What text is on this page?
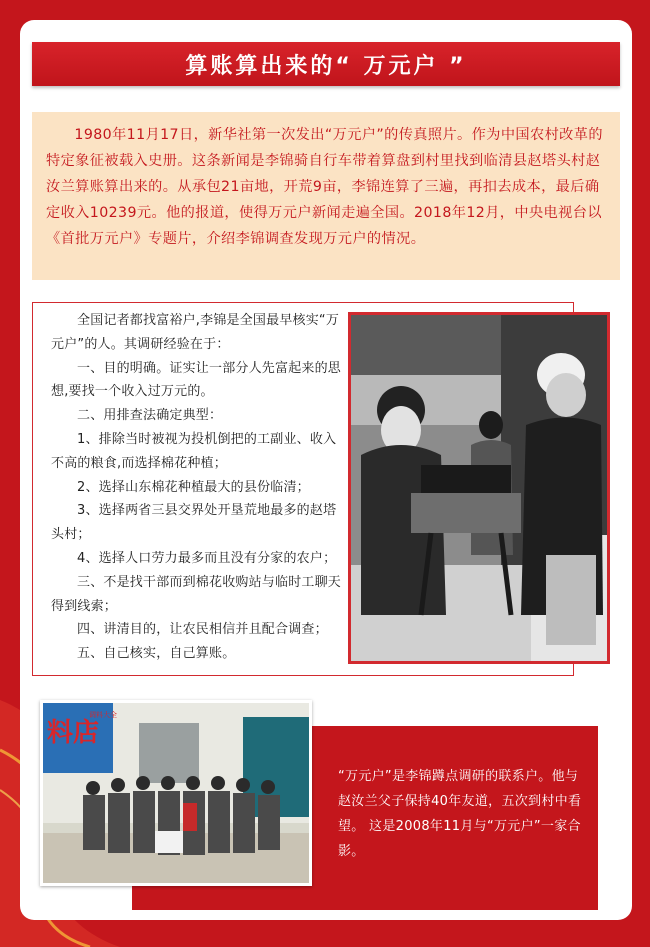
算账算出来的“ 万元户 ”
1980年11月17日，新华社第一次发出“万元户”的传真照片。作为中国农村改革的特定象征被载入史册。这条新闻是李锦骑自行车带着算盘到村里找到临清县赵塔头村赵汝兰算账算出来的。从承包21亩地，开荒9亩，李锦连算了三遍，再扣去成本，最后确定收入10239元。他的报道，使得万元户新闻走遍全国。2018年12月，中央电视台以《首批万元户》专题片，介绍李锦调查发现万元户的情况。

全国记者都找富裕户,李锦是全国最早核实“万元户”的人。其调研经验在于：

一、目的明确。证实让一部分人先富起来的思想,要找一个收入过万元的。

二、用排查法确定典型：

1、排除当时被视为投机倒把的工副业、收入不高的粮食,而选择棉花种植；

2、选择山东棉花种植最大的县份临清；

3、选择两省三县交界处开垦荒地最多的赵塔头村；

4、选择人口劳力最多而且没有分家的农户；

三、不是找干部而到棉花收购站与临时工聊天得到线索；

四、讲清目的，让农民相信并且配合调查；

五、自己核实，自己算账。

料店
调料大全

“万元户”是李锦蹲点调研的联系户。他与赵汝兰父子保持40年友道，五次到村中看望。 这是2008年11月与“万元户”一家合影。
